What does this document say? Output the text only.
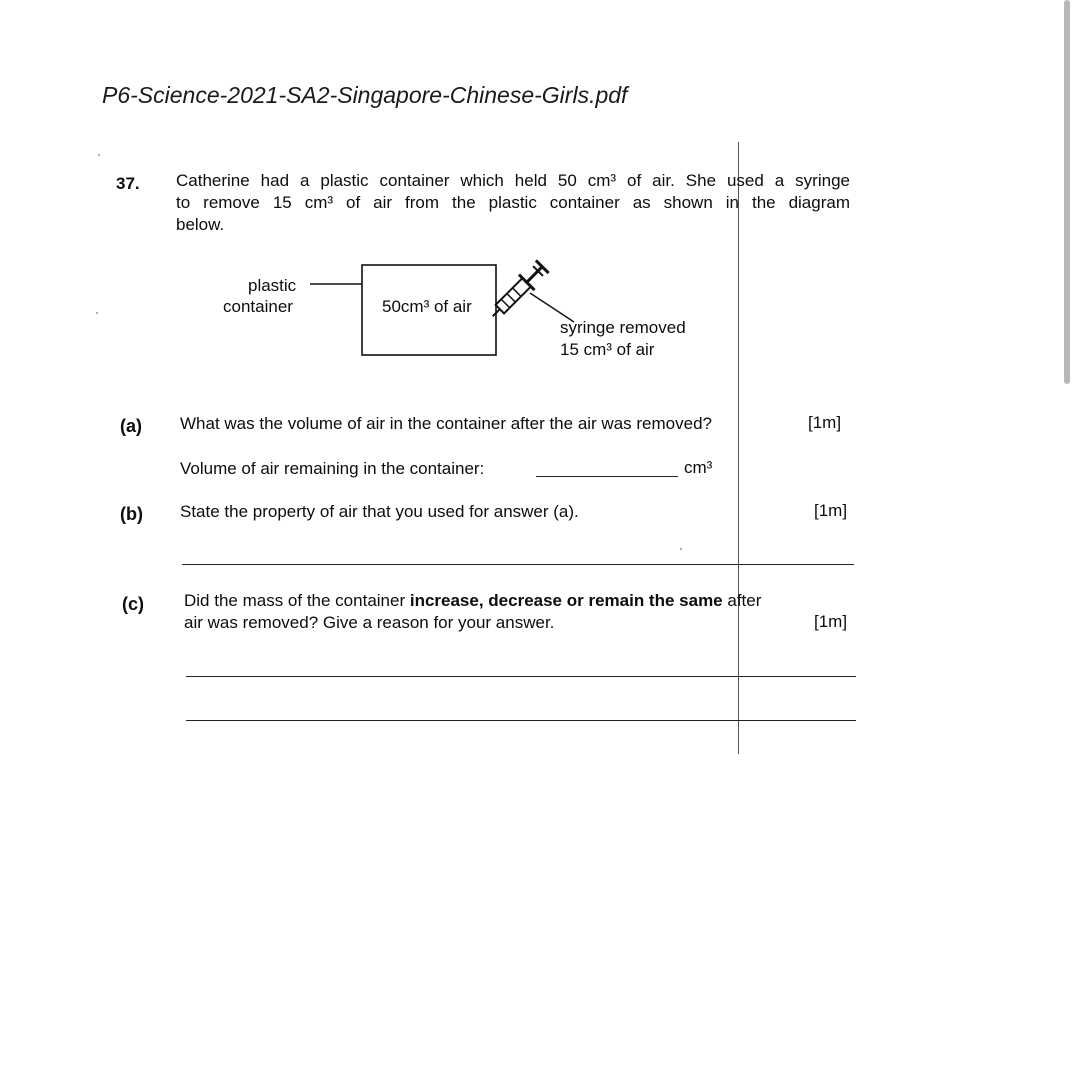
P6-Science-2021-SA2-Singapore-Chinese-Girls.pdf
37. Catherine had a plastic container which held 50 cm³ of air. She used a syringe
to remove 15 cm³ of air from the plastic container as shown in the diagram
below.
plastic
container	50cm³ of air
syringe removed
15 cm³ of air
(a) What was the volume of air in the container after the air was removed?	[1m]
Volume of air remaining in the container:	cm³
(b) State the property of air that you used for answer (a).	[1m]
(c) Did the mass of the container increase, decrease or remain the same after
air was removed? Give a reason for your answer.	[1m]
